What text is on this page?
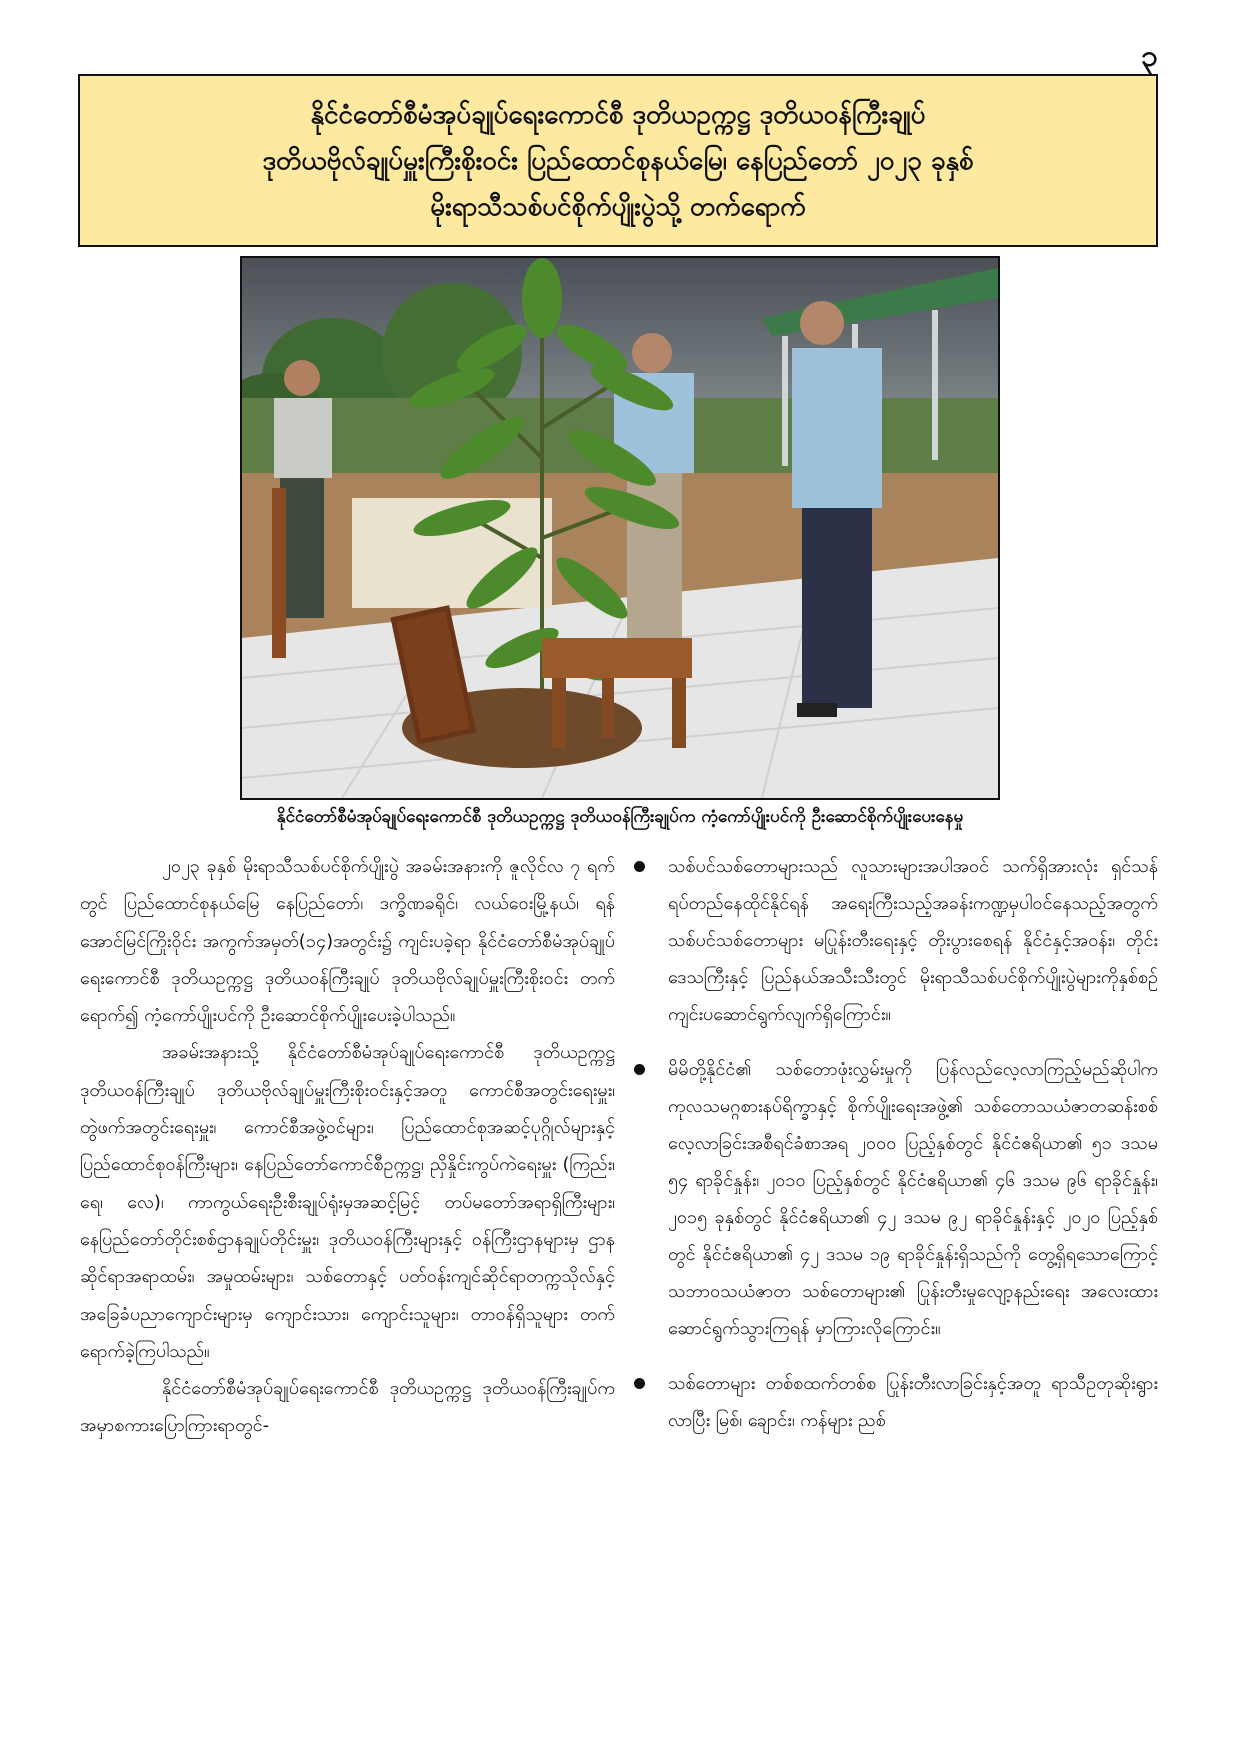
၃
နိုင်ငံတော်စီမံအုပ်ချုပ်ရေးကောင်စီ ဒုတိယဥက္ကဋ္ဌ ဒုတိယဝန်ကြီးချုပ်
ဒုတိယဗိုလ်ချုပ်မှူးကြီးစိုးဝင်း ပြည်ထောင်စုနယ်မြေ၊ နေပြည်တော် ၂၀၂၃ ခုနှစ်
မိုးရာသီသစ်ပင်စိုက်ပျိုးပွဲသို့ တက်ရောက်
နိုင်ငံတော်စီမံအုပ်ချုပ်ရေးကောင်စီ ဒုတိယဥက္ကဋ္ဌ ဒုတိယဝန်ကြီးချုပ်က ကံ့ကော်ပျိုးပင်ကို ဦးဆောင်စိုက်ပျိုးပေးနေမှု

၂၀၂၃ ခုနှစ် မိုးရာသီသစ်ပင်စိုက်ပျိုးပွဲ အခမ်းအနားကို ဇူလိုင်လ ၇ ရက်တွင် ပြည်ထောင်စုနယ်မြေ နေပြည်တော်၊ ဒက္ခိဏခရိုင်၊ လယ်ဝေးမြို့နယ်၊ ရန်အောင်မြင်ကြိုးဝိုင်း အကွက်အမှတ်(၁၄)အတွင်း၌ ကျင်းပခဲ့ရာ နိုင်ငံတော်စီမံအုပ်ချုပ်ရေးကောင်စီ ဒုတိယဥက္ကဋ္ဌ ဒုတိယဝန်ကြီးချုပ် ဒုတိယဗိုလ်ချုပ်မှူးကြီးစိုးဝင်း တက်ရောက်၍ ကံ့ကော်ပျိုးပင်ကို ဦးဆောင်စိုက်ပျိုးပေးခဲ့ပါသည်။

အခမ်းအနားသို့ နိုင်ငံတော်စီမံအုပ်ချုပ်ရေးကောင်စီ ဒုတိယဥက္ကဋ္ဌ ဒုတိယဝန်ကြီးချုပ် ဒုတိယဗိုလ်ချုပ်မှူးကြီးစိုးဝင်းနှင့်အတူ ကောင်စီအတွင်းရေးမှူး၊ တွဲဖက်အတွင်းရေးမှူး၊ ကောင်စီအဖွဲ့ဝင်များ၊ ပြည်ထောင်စုအဆင့်ပုဂ္ဂိုလ်များနှင့် ပြည်ထောင်စုဝန်ကြီးများ၊ နေပြည်တော်ကောင်စီဥက္ကဋ္ဌ၊ ညှိနှိုင်းကွပ်ကဲရေးမှူး (ကြည်း၊ ရေ၊ လေ)၊ ကာကွယ်ရေးဦးစီးချုပ်ရုံးမှအဆင့်မြင့် တပ်မတော်အရာရှိကြီးများ၊ နေပြည်တော်တိုင်းစစ်ဌာနချုပ်တိုင်းမှူး၊ ဒုတိယဝန်ကြီးများနှင့် ဝန်ကြီးဌာနများမှ ဌာနဆိုင်ရာအရာထမ်း၊ အမှုထမ်းများ၊ သစ်တောနှင့် ပတ်ဝန်းကျင်ဆိုင်ရာတက္ကသိုလ်နှင့် အခြေခံပညာကျောင်းများမှ ကျောင်းသား၊ ကျောင်းသူများ၊ တာဝန်ရှိသူများ တက်ရောက်ခဲ့ကြပါသည်။

နိုင်ငံတော်စီမံအုပ်ချုပ်ရေးကောင်စီ ဒုတိယဥက္ကဋ္ဌ ဒုတိယဝန်ကြီးချုပ်က အမှာစကားပြောကြားရာတွင်-

သစ်ပင်သစ်တောများသည် လူသားများအပါအဝင် သက်ရှိအားလုံး ရှင်သန်ရပ်တည်နေထိုင်နိုင်ရန် အရေးကြီးသည့်အခန်းကဏ္ဍမှပါဝင်နေသည့်အတွက် သစ်ပင်သစ်တောများ မပြုန်းတီးရေးနှင့် တိုးပွားစေရန် နိုင်ငံနှင့်အဝန်း၊ တိုင်းဒေသကြီးနှင့် ပြည်နယ်အသီးသီးတွင် မိုးရာသီသစ်ပင်စိုက်ပျိုးပွဲများကိုနှစ်စဉ်ကျင်းပဆောင်ရွက်လျက်ရှိကြောင်း။
မိမိတို့နိုင်ငံ၏ သစ်တောဖုံးလွှမ်းမှုကို ပြန်လည်လေ့လာကြည့်မည်ဆိုပါက ကုလသမဂ္ဂစားနပ်ရိက္ခာနှင့် စိုက်ပျိုးရေးအဖွဲ့၏ သစ်တောသယံဇာတဆန်းစစ် လေ့လာခြင်းအစီရင်ခံစာအရ ၂၀၀၀ ပြည့်နှစ်တွင် နိုင်ငံဧရိယာ၏ ၅၁ ဒသမ ၅၄ ရာခိုင်နှုန်း၊ ၂၀၁၀ ပြည့်နှစ်တွင် နိုင်ငံဧရိယာ၏ ၄၆ ဒသမ ၉၆ ရာခိုင်နှုန်း၊ ၂၀၁၅ ခုနှစ်တွင် နိုင်ငံဧရိယာ၏ ၄၂ ဒသမ ၉၂ ရာခိုင်နှုန်းနှင့် ၂၀၂၀ ပြည့်နှစ် တွင် နိုင်ငံဧရိယာ၏ ၄၂ ဒသမ ၁၉ ရာခိုင်နှုန်းရှိသည်ကို တွေ့ရှိရသောကြောင့် သဘာဝသယံဇာတ သစ်တောများ၏ ပြုန်းတီးမှုလျော့နည်းရေး အလေးထားဆောင်ရွက်သွားကြရန် မှာကြားလိုကြောင်း။
သစ်တောများ တစ်စထက်တစ်စ ပြုန်းတီးလာခြင်းနှင့်အတူ ရာသီဥတုဆိုးရွားလာပြီး မြစ်၊ ချောင်း၊ ကန်များ ညစ်
